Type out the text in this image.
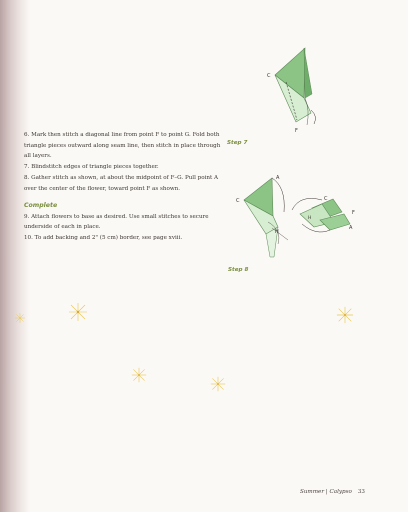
C
F
Step 7
A
C
H
C
F
H
A
Step 8

6. Mark then stitch a diagonal line from point F to point G. Fold both triangle pieces outward along seam line, then stitch in place through all layers.

7. Blindstitch edges of triangle pieces together.

8. Gather stitch as shown, at about the midpoint of F–G. Pull point A over the center of the flower, toward point F as shown.

Complete

9. Attach flowers to base as desired. Use small stitches to secure underside of each in place.

10. To add backing and 2" (5 cm) border, see page xviii.

Summer | Calypso 33
